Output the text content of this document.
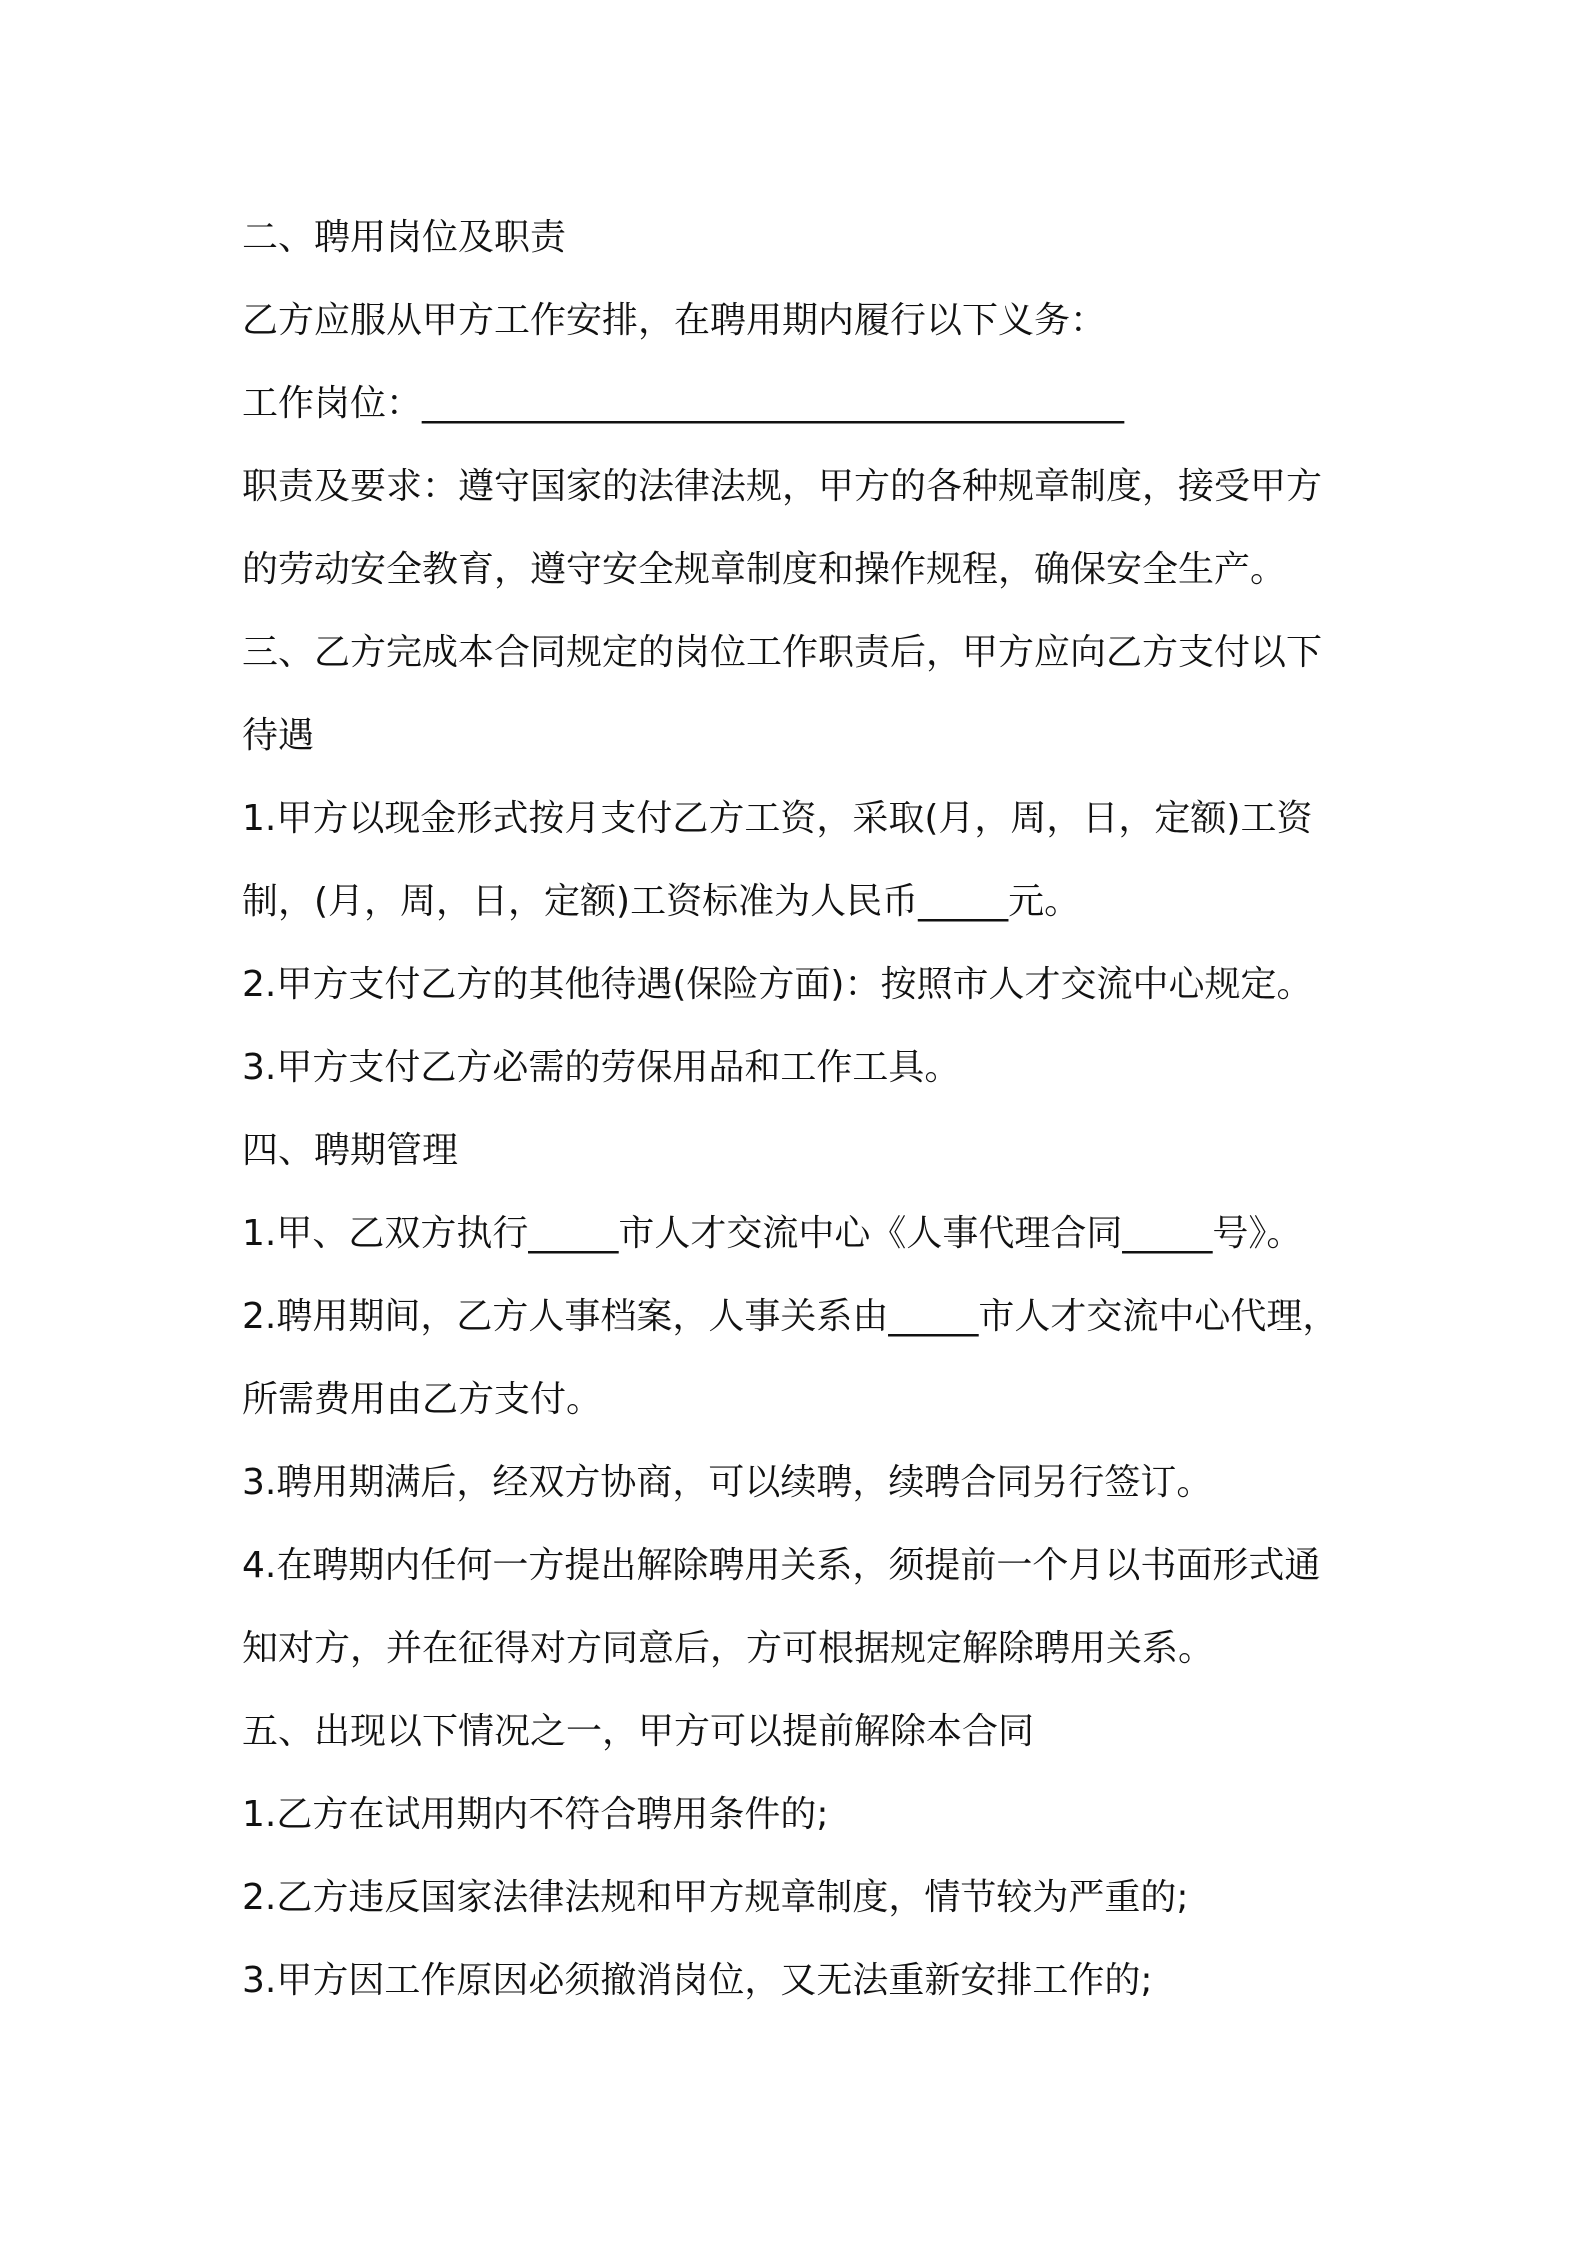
二、聘用岗位及职责
乙方应服从甲方工作安排，在聘用期内履行以下义务：
工作岗位：_______________________________________
职责及要求：遵守国家的法律法规，甲方的各种规章制度，接受甲方
的劳动安全教育，遵守安全规章制度和操作规程，确保安全生产。
三、乙方完成本合同规定的岗位工作职责后，甲方应向乙方支付以下
待遇
1.甲方以现金形式按月支付乙方工资，采取(月，周，日，定额)工资
制，(月，周，日，定额)工资标准为人民币_____元。
2.甲方支付乙方的其他待遇(保险方面)：按照市人才交流中心规定。
3.甲方支付乙方必需的劳保用品和工作工具。
四、聘期管理
1.甲、乙双方执行_____市人才交流中心《人事代理合同_____号》。
2.聘用期间，乙方人事档案，人事关系由_____市人才交流中心代理，
所需费用由乙方支付。
3.聘用期满后，经双方协商，可以续聘，续聘合同另行签订。
4.在聘期内任何一方提出解除聘用关系，须提前一个月以书面形式通
知对方，并在征得对方同意后，方可根据规定解除聘用关系。
五、出现以下情况之一，甲方可以提前解除本合同
1.乙方在试用期内不符合聘用条件的;
2.乙方违反国家法律法规和甲方规章制度，情节较为严重的;
3.甲方因工作原因必须撤消岗位，又无法重新安排工作的;
